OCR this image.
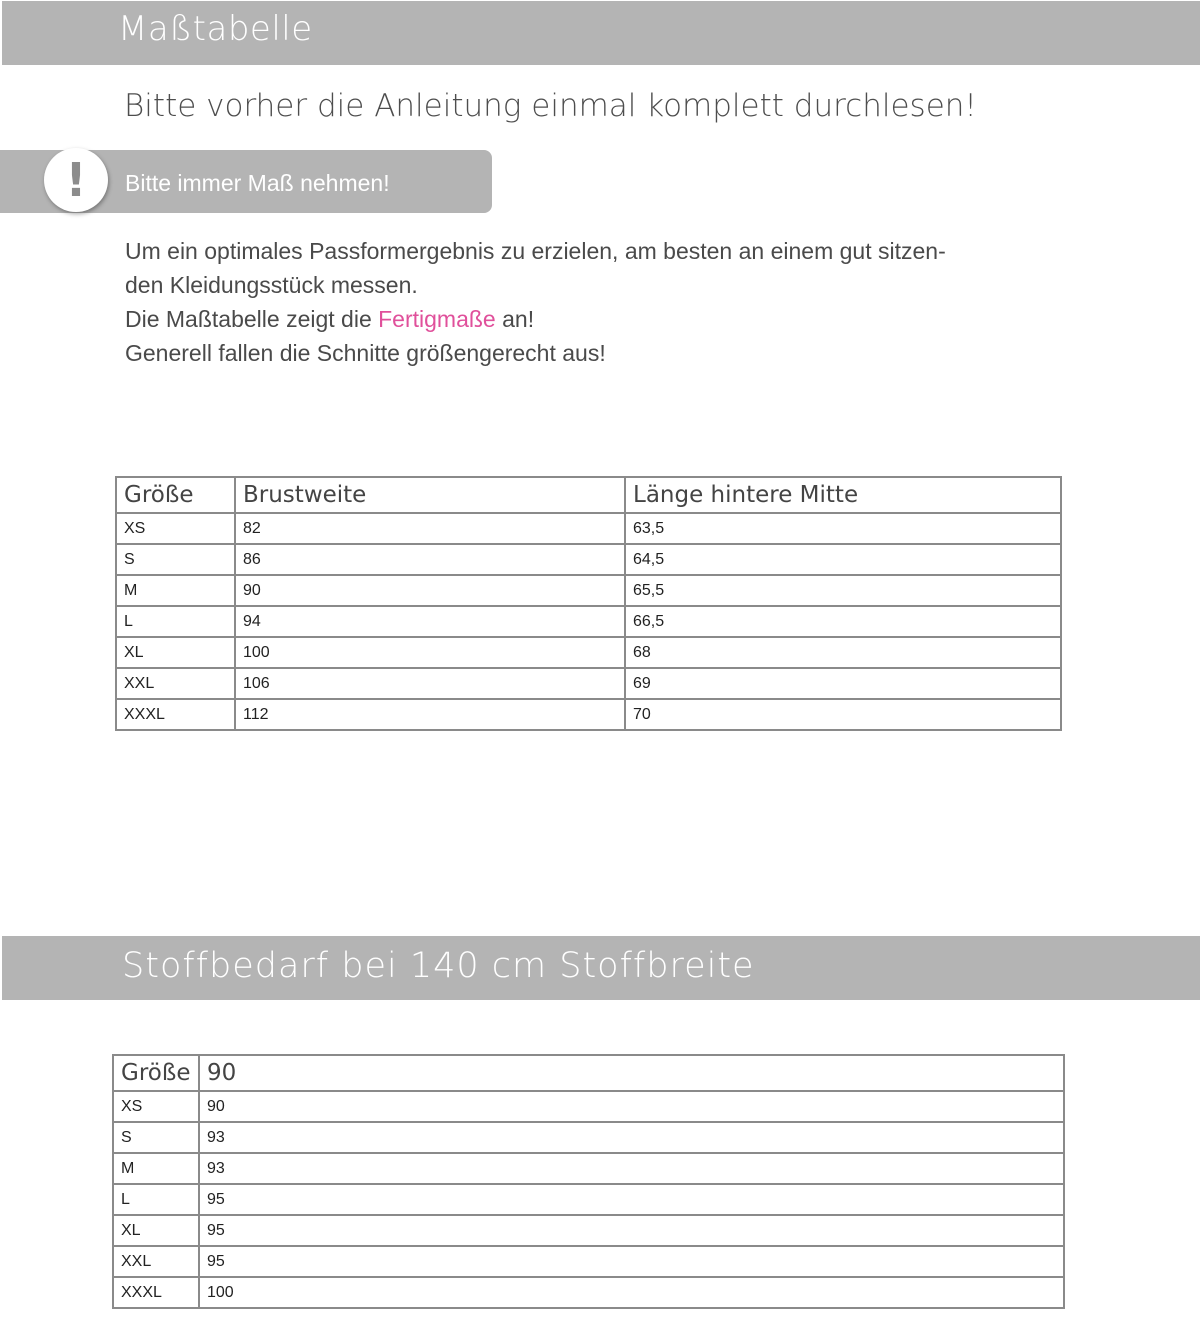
Maßtabelle
Bitte vorher die Anleitung einmal komplett durchlesen!
!	Bitte immer Maß nehmen!
Um ein optimales Passformergebnis zu erzielen, am besten an einem gut sitzen-
den Kleidungsstück messen.
Die Maßtabelle zeigt die Fertigmaße an!
Generell fallen die Schnitte größengerecht aus!
Größe	Brustweite	Länge hintere Mitte
XS	82	63,5
S	86	64,5
M	90	65,5
L	94	66,5
XL	100	68
XXL	106	69
XXXL	112	70
Stoffbedarf bei 140 cm Stoffbreite
Größe	90
XS	90
S	93
M	93
L	95
XL	95
XXL	95
XXXL	100
